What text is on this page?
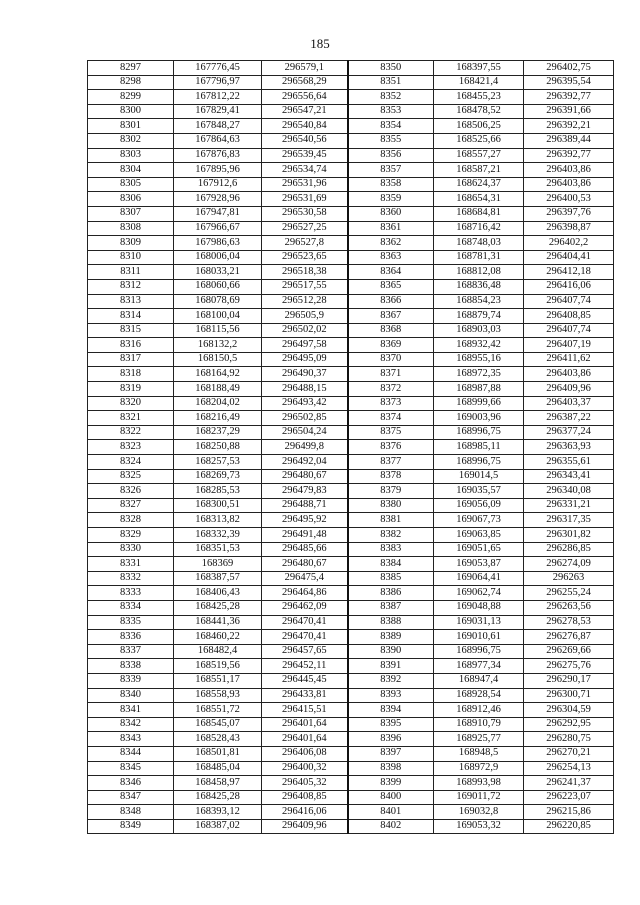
185
8297	167776,45	296579,1	8350	168397,55	296402,75
8298	167796,97	296568,29	8351	168421,4	296395,54
8299	167812,22	296556,64	8352	168455,23	296392,77
8300	167829,41	296547,21	8353	168478,52	296391,66
8301	167848,27	296540,84	8354	168506,25	296392,21
8302	167864,63	296540,56	8355	168525,66	296389,44
8303	167876,83	296539,45	8356	168557,27	296392,77
8304	167895,96	296534,74	8357	168587,21	296403,86
8305	167912,6	296531,96	8358	168624,37	296403,86
8306	167928,96	296531,69	8359	168654,31	296400,53
8307	167947,81	296530,58	8360	168684,81	296397,76
8308	167966,67	296527,25	8361	168716,42	296398,87
8309	167986,63	296527,8	8362	168748,03	296402,2
8310	168006,04	296523,65	8363	168781,31	296404,41
8311	168033,21	296518,38	8364	168812,08	296412,18
8312	168060,66	296517,55	8365	168836,48	296416,06
8313	168078,69	296512,28	8366	168854,23	296407,74
8314	168100,04	296505,9	8367	168879,74	296408,85
8315	168115,56	296502,02	8368	168903,03	296407,74
8316	168132,2	296497,58	8369	168932,42	296407,19
8317	168150,5	296495,09	8370	168955,16	296411,62
8318	168164,92	296490,37	8371	168972,35	296403,86
8319	168188,49	296488,15	8372	168987,88	296409,96
8320	168204,02	296493,42	8373	168999,66	296403,37
8321	168216,49	296502,85	8374	169003,96	296387,22
8322	168237,29	296504,24	8375	168996,75	296377,24
8323	168250,88	296499,8	8376	168985,11	296363,93
8324	168257,53	296492,04	8377	168996,75	296355,61
8325	168269,73	296480,67	8378	169014,5	296343,41
8326	168285,53	296479,83	8379	169035,57	296340,08
8327	168300,51	296488,71	8380	169056,09	296331,21
8328	168313,82	296495,92	8381	169067,73	296317,35
8329	168332,39	296491,48	8382	169063,85	296301,82
8330	168351,53	296485,66	8383	169051,65	296286,85
8331	168369	296480,67	8384	169053,87	296274,09
8332	168387,57	296475,4	8385	169064,41	296263
8333	168406,43	296464,86	8386	169062,74	296255,24
8334	168425,28	296462,09	8387	169048,88	296263,56
8335	168441,36	296470,41	8388	169031,13	296278,53
8336	168460,22	296470,41	8389	169010,61	296276,87
8337	168482,4	296457,65	8390	168996,75	296269,66
8338	168519,56	296452,11	8391	168977,34	296275,76
8339	168551,17	296445,45	8392	168947,4	296290,17
8340	168558,93	296433,81	8393	168928,54	296300,71
8341	168551,72	296415,51	8394	168912,46	296304,59
8342	168545,07	296401,64	8395	168910,79	296292,95
8343	168528,43	296401,64	8396	168925,77	296280,75
8344	168501,81	296406,08	8397	168948,5	296270,21
8345	168485,04	296400,32	8398	168972,9	296254,13
8346	168458,97	296405,32	8399	168993,98	296241,37
8347	168425,28	296408,85	8400	169011,72	296223,07
8348	168393,12	296416,06	8401	169032,8	296215,86
8349	168387,02	296409,96	8402	169053,32	296220,85
